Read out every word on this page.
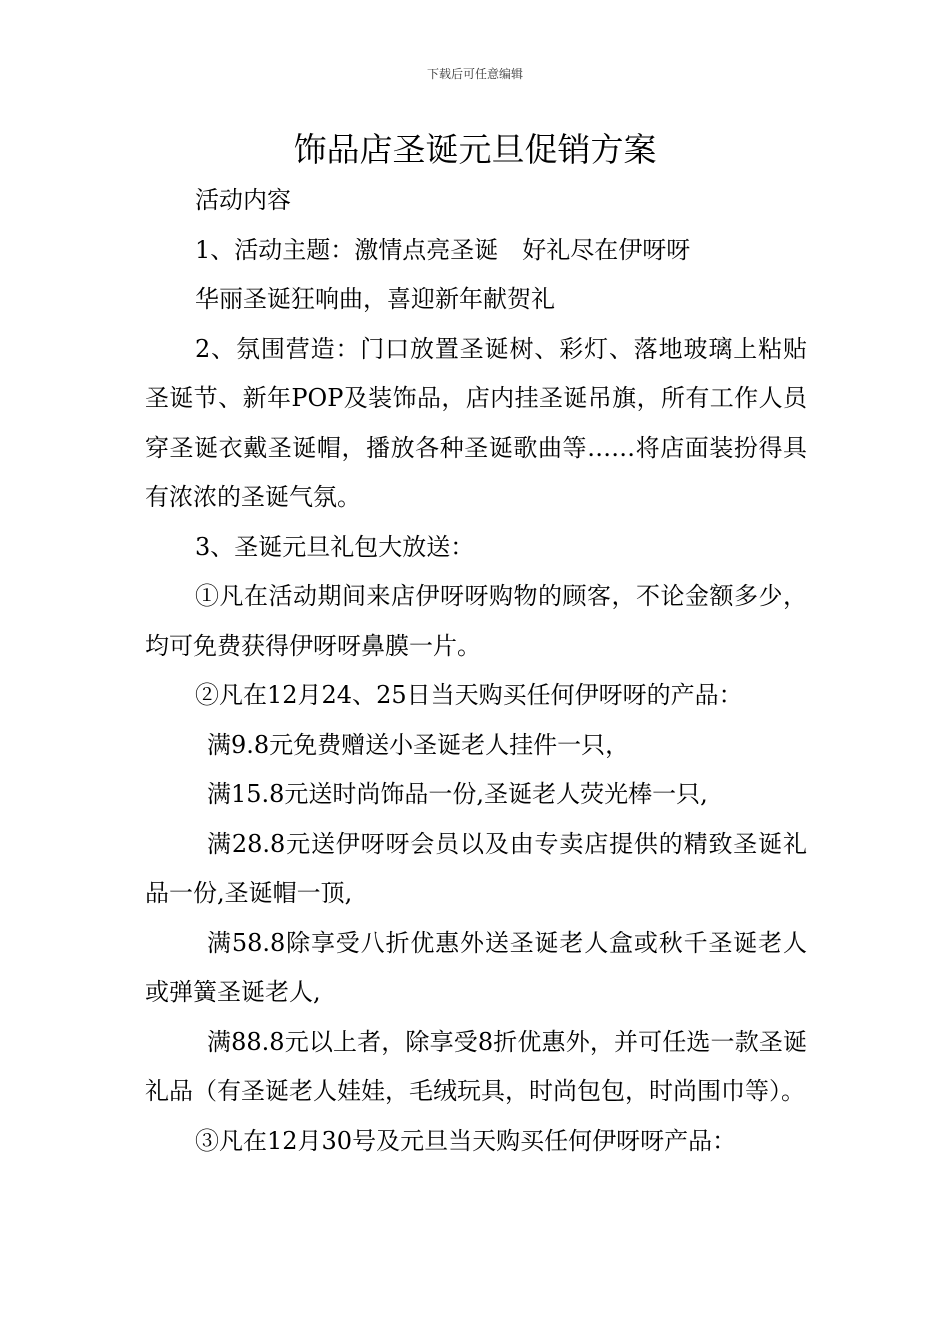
下载后可任意编辑
饰品店圣诞元旦促销方案

活动内容

1、活动主题：激情点亮圣诞　好礼尽在伊呀呀

华丽圣诞狂响曲，喜迎新年献贺礼

2、氛围营造：门口放置圣诞树、彩灯、落地玻璃上粘贴圣诞节、新年POP及装饰品，店内挂圣诞吊旗，所有工作人员穿圣诞衣戴圣诞帽，播放各种圣诞歌曲等……将店面装扮得具有浓浓的圣诞气氛。

3、圣诞元旦礼包大放送：

①凡在活动期间来店伊呀呀购物的顾客，不论金额多少，均可免费获得伊呀呀鼻膜一片。

②凡在12月24、25日当天购买任何伊呀呀的产品：

满9.8元免费赠送小圣诞老人挂件一只，

满15.8元送时尚饰品一份,圣诞老人荧光棒一只,

满28.8元送伊呀呀会员以及由专卖店提供的精致圣诞礼品一份,圣诞帽一顶,

满58.8除享受八折优惠外送圣诞老人盒或秋千圣诞老人或弹簧圣诞老人,

满88.8元以上者，除享受8折优惠外，并可任选一款圣诞礼品（有圣诞老人娃娃，毛绒玩具，时尚包包，时尚围巾等）。

③凡在12月30号及元旦当天购买任何伊呀呀产品：
